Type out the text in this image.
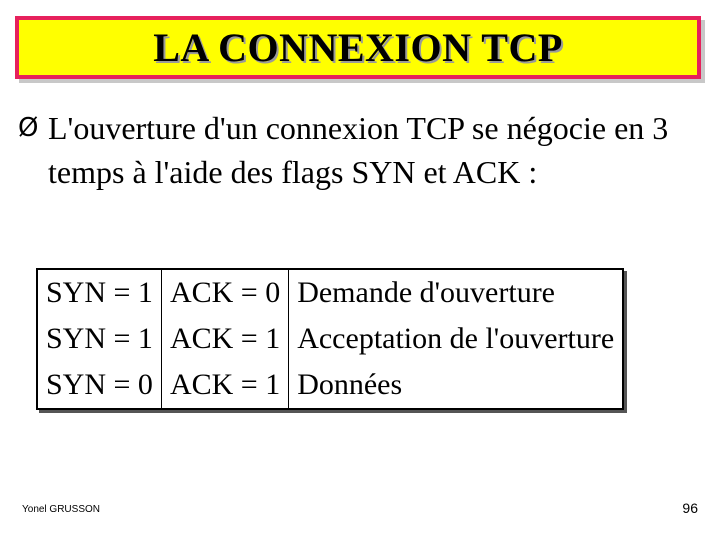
LA CONNEXION TCP
Ø L'ouverture d'un connexion TCP se négocie en 3 temps à l'aide des flags SYN et ACK :
SYN = 1	ACK = 0	Demande d'ouverture
SYN = 1	ACK = 1	Acceptation de l'ouverture
SYN = 0	ACK = 1	Données
Yonel GRUSSON	96
